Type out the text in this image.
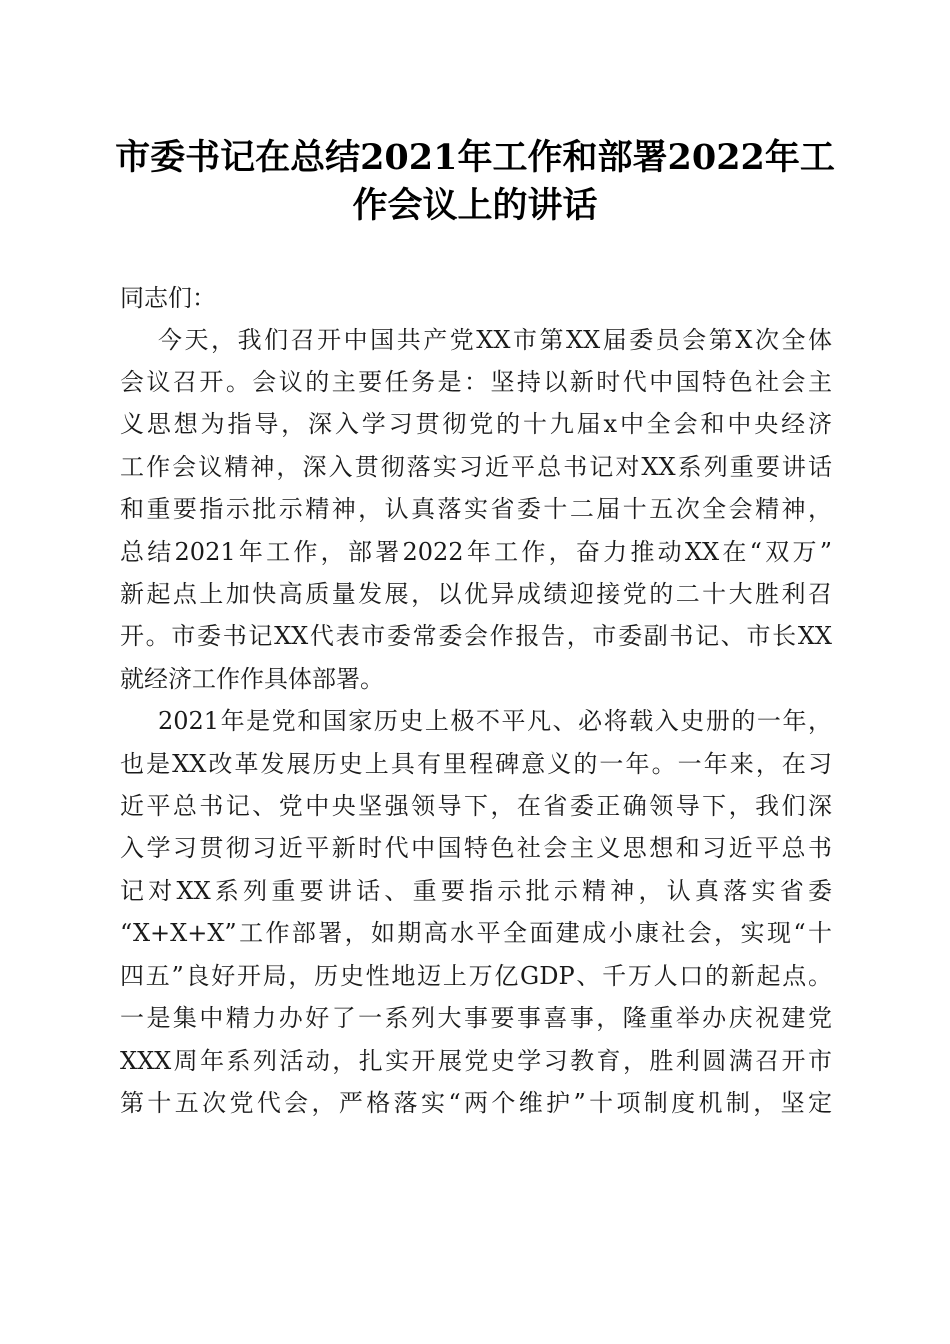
市委书记在总结2021年工作和部署2022年工
作会议上的讲话

同志们：

今天，我们召开中国共产党XX市第XX届委员会第X次全体

会议召开。会议的主要任务是：坚持以新时代中国特色社会主

义思想为指导，深入学习贯彻党的十九届x中全会和中央经济

工作会议精神，深入贯彻落实习近平总书记对XX系列重要讲话

和重要指示批示精神，认真落实省委十二届十五次全会精神，

总结2021年工作，部署2022年工作，奋力推动XX在“双万”

新起点上加快高质量发展，以优异成绩迎接党的二十大胜利召

开。市委书记XX代表市委常委会作报告，市委副书记、市长XX

就经济工作作具体部署。

2021年是党和国家历史上极不平凡、必将载入史册的一年，

也是XX改革发展历史上具有里程碑意义的一年。一年来，在习

近平总书记、党中央坚强领导下，在省委正确领导下，我们深

入学习贯彻习近平新时代中国特色社会主义思想和习近平总书

记对XX系列重要讲话、重要指示批示精神，认真落实省委

“X+X+X”工作部署，如期高水平全面建成小康社会，实现“十

四五”良好开局，历史性地迈上万亿GDP、千万人口的新起点。

一是集中精力办好了一系列大事要事喜事，隆重举办庆祝建党

XXX周年系列活动，扎实开展党史学习教育，胜利圆满召开市

第十五次党代会，严格落实“两个维护”十项制度机制，坚定
